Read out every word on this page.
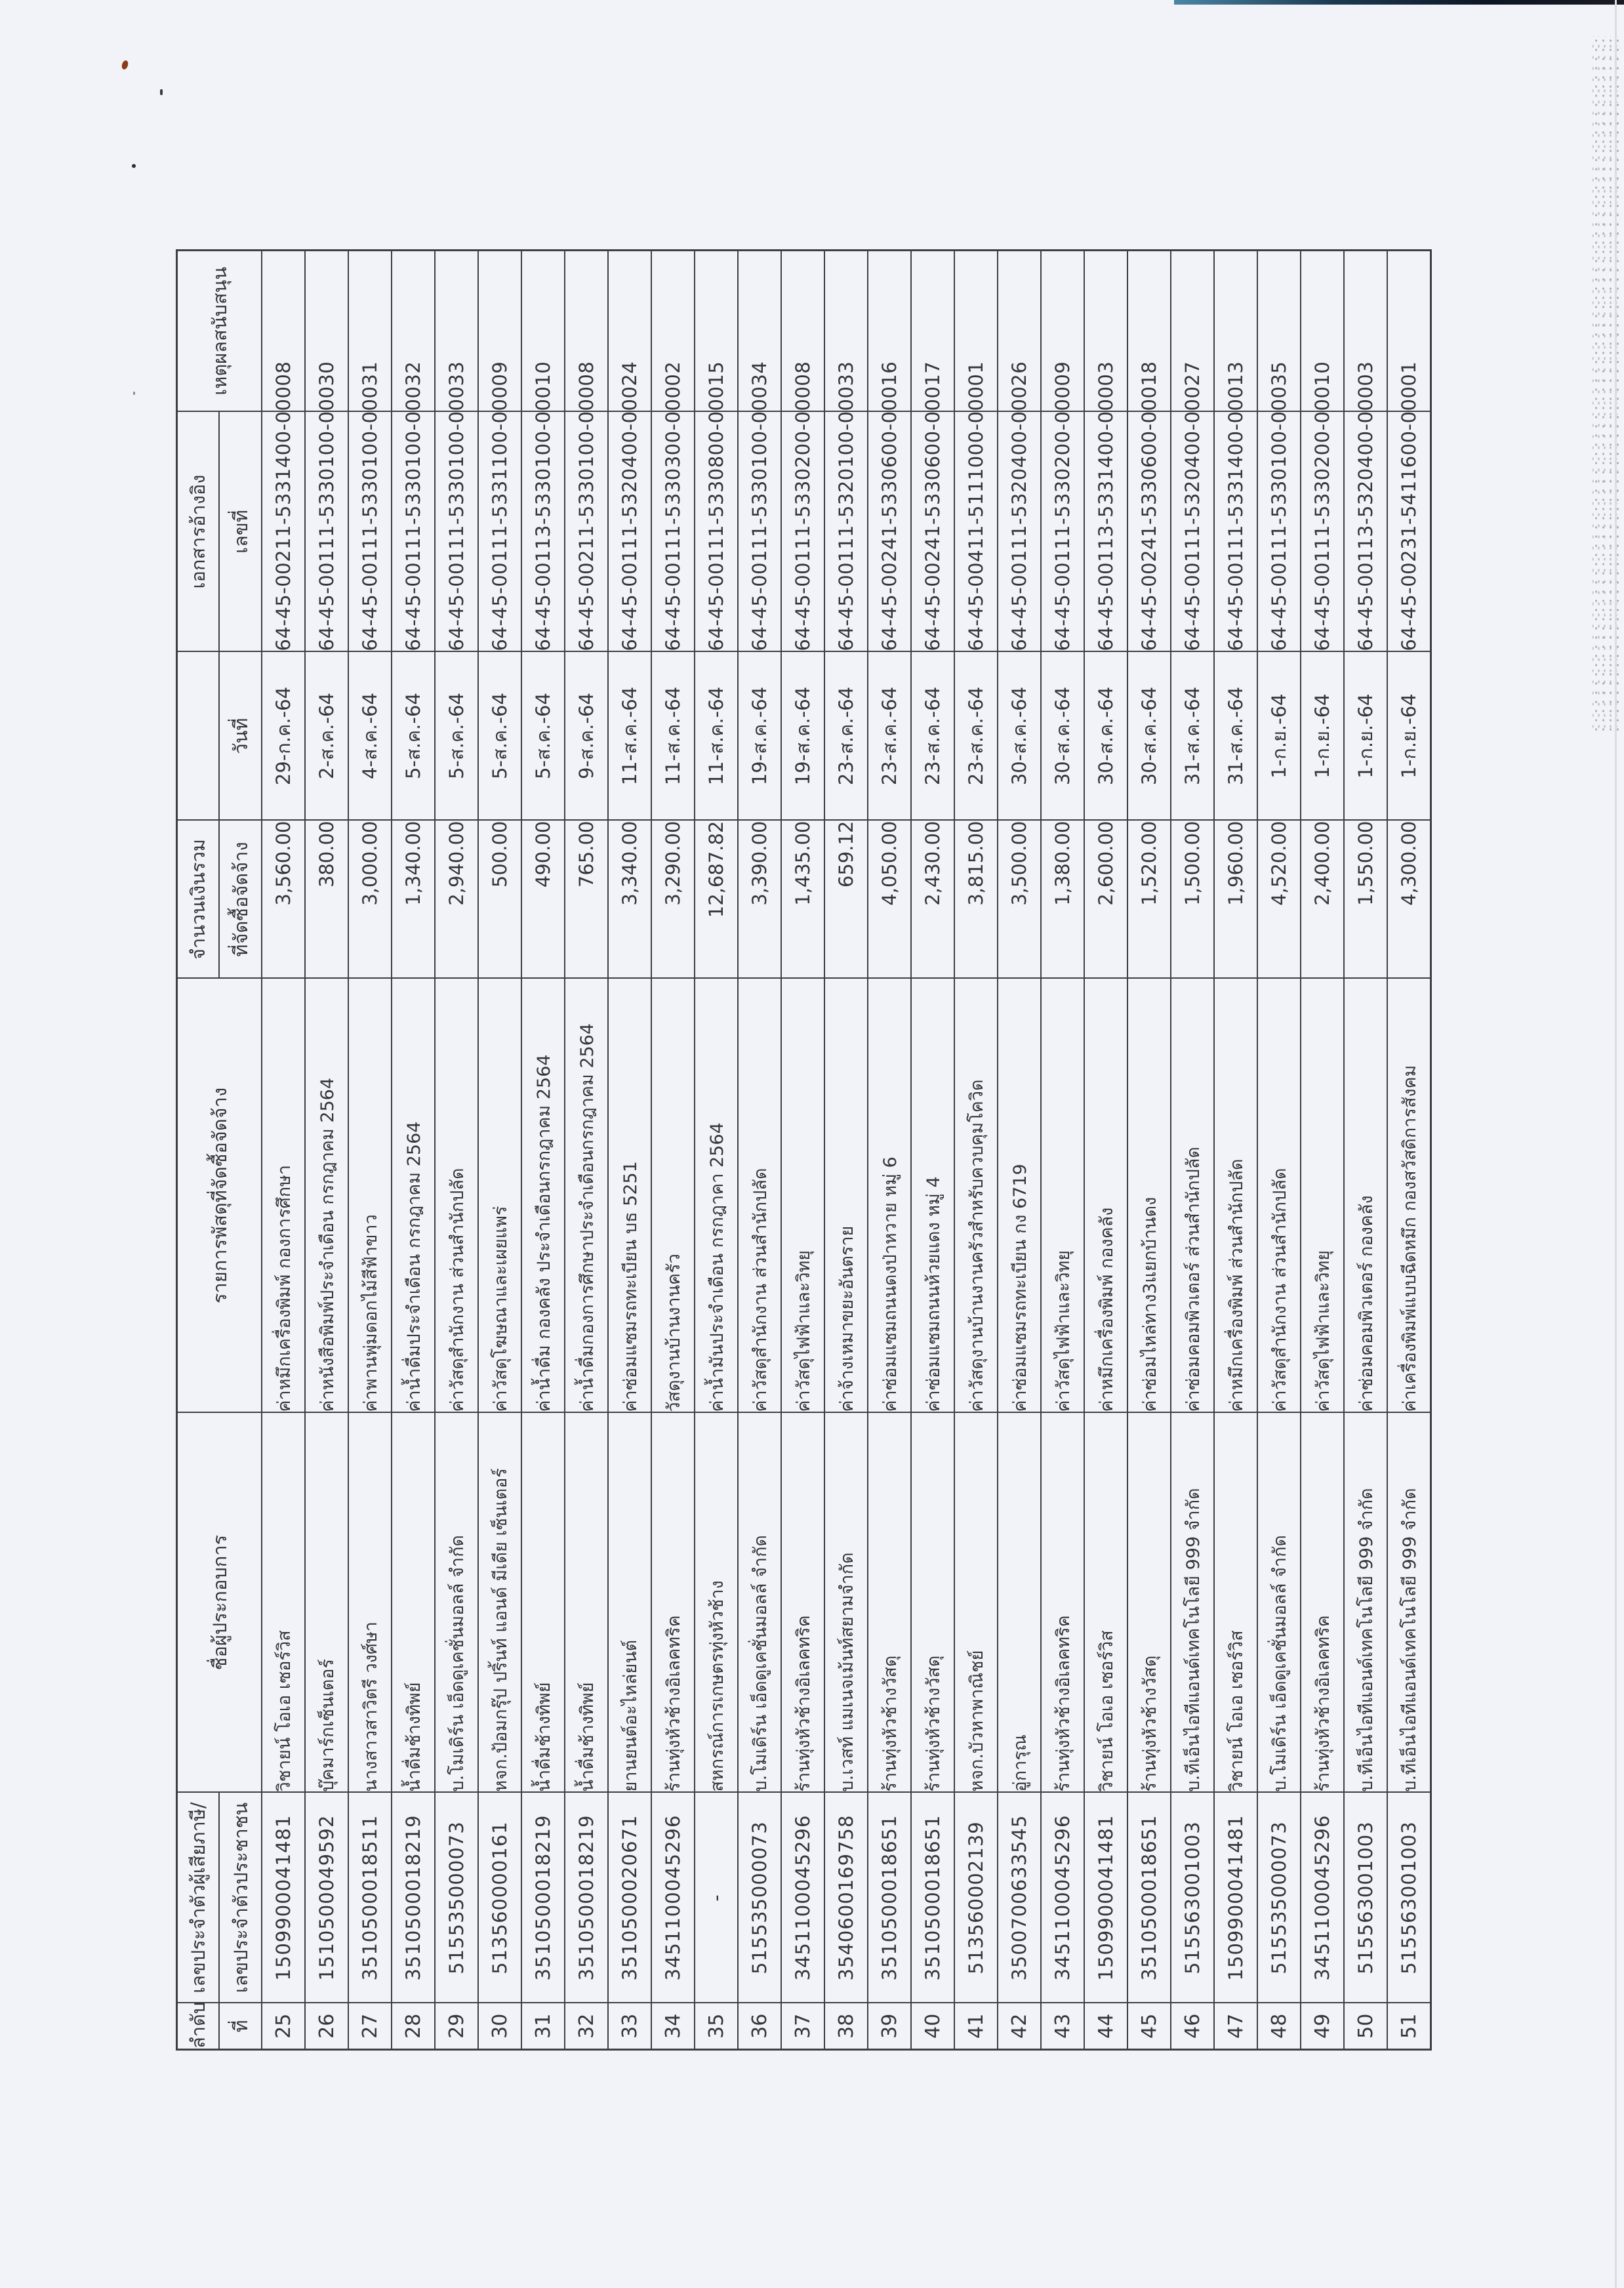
ลำดับ	เลขประจำตัวผู้เสียภาษี/	ชื่อผู้ประกอบการ	รายการพัสดุที่จัดซื้อจัดจ้าง	จำนวนเงินรวม		เอกสารอ้างอิง	เหตุผลสนับสนุน
ที่	เลขประจำตัวประชาชน			ที่จัดซื้อจัดจ้าง	วันที่	เลขที่	
25	1509900041481	วิชายน์ โอเอ เซอร์วิส	ค่าหมึกเครื่องพิมพ์ กองการศึกษา	3,560.00	29-ก.ค.-64	64-45-00211-5331400-00008	
26	1510500049592	บุ๊คมาร์กเซ็นเตอร์	ค่าหนังสือพิมพ์ประจำเดือน กรกฎาคม 2564	380.00	2-ส.ค.-64	64-45-00111-5330100-00030	
27	3510500018511	นางสาวสาวิตรี วงศ์ษา	ค่าพานพุ่มดอกไม้สีฟ้าขาว	3,000.00	4-ส.ค.-64	64-45-00111-5330100-00031	
28	3510500018219	น้ำดื่มช้างทิพย์	ค่าน้ำดื่มประจำเดือน กรกฎาคม 2564	1,340.00	5-ส.ค.-64	64-45-00111-5330100-00032	
29	515535000073	บ.โมเดิร์น เอ็ดดูเคชั่นมอลล์ จำกัด	ค่าวัสดุสำนักงาน ส่วนสำนักปลัด	2,940.00	5-ส.ค.-64	64-45-00111-5330100-00033	
30	513560000161	หจก.ป้อมกรุ๊ป ปริ้นท์ แอนด์ มีเดีย เซ็นเตอร์	ค่าวัสดุโฆษณาและเผยแพร่	500.00	5-ส.ค.-64	64-45-00111-5331100-00009	
31	3510500018219	น้ำดื่มช้างทิพย์	ค่าน้ำดื่ม กองคลัง ประจำเดือนกรกฎาคม 2564	490.00	5-ส.ค.-64	64-45-00113-5330100-00010	
32	3510500018219	น้ำดื่มช้างทิพย์	ค่าน้ำดื่มกองการศึกษาประจำเดือนกรกฎาคม 2564	765.00	9-ส.ค.-64	64-45-00211-5330100-00008	
33	3510500020671	ยานยนต์อะไหล่ยนต์	ค่าซ่อมแซมรถทะเบียน บธ 5251	3,340.00	11-ส.ค.-64	64-45-00111-5320400-00024	
34	3451100045296	ร้านทุ่งหัวช้างอิเลคทริค	วัสดุงานบ้านงานครัว	3,290.00	11-ส.ค.-64	64-45-00111-5330300-00002	
35	-	สหกรณ์การเกษตรทุ่งหัวช้าง	ค่าน้ำมันประจำเดือน กรกฎาคา 2564	12,687.82	11-ส.ค.-64	64-45-00111-5330800-00015	
36	515535000073	บ.โมเดิร์น เอ็ดดูเคชั่นมอลล์ จำกัด	ค่าวัสดุสำนักงาน ส่วนสำนักปลัด	3,390.00	19-ส.ค.-64	64-45-00111-5330100-00034	
37	3451100045296	ร้านทุ่งหัวช้างอิเลคทริค	ค่าวัสดุไฟฟ้าและวิทยุ	1,435.00	19-ส.ค.-64	64-45-00111-5330200-00008	
38	3540600169758	บ.เวสท์ แมเนจเม้นท์สยามจำกัด	ค่าจ้างเหมาขยะอันตราย	659.12	23-ส.ค.-64	64-45-00111-5320100-00033	
39	3510500018651	ร้านทุ่งหัวช้างวัสดุ	ค่าซ่อมแซมถนนดงป่าหวาย หมู่ 6	4,050.00	23-ส.ค.-64	64-45-00241-5330600-00016	
40	3510500018651	ร้านทุ่งหัวช้างวัสดุ	ค่าซ่อมแซมถนนห้วยแดง หมู่ 4	2,430.00	23-ส.ค.-64	64-45-00241-5330600-00017	
41	513560002139	หจก.บัวหาพาณิชย์	ค่าวัสดุงานบ้านงานครัวสำหรับควบคุมโควิด	3,815.00	23-ส.ค.-64	64-45-00411-5111000-00001	
42	3500700633545	อู่การุณ	ค่าซ่อมแซมรถทะเบียน กง 6719	3,500.00	30-ส.ค.-64	64-45-00111-5320400-00026	
43	3451100045296	ร้านทุ่งหัวช้างอิเลคทริค	ค่าวัสดุไฟฟ้าและวิทยุ	1,380.00	30-ส.ค.-64	64-45-00111-5330200-00009	
44	1509900041481	วิชายน์ โอเอ เซอร์วิส	ค่าหมึกเครื่องพิมพ์ กองคลัง	2,600.00	30-ส.ค.-64	64-45-00113-5331400-00003	
45	3510500018651	ร้านทุ่งหัวช้างวัสดุ	ค่าซ่อมไหล่ทาง3แยกบ้านดง	1,520.00	30-ส.ค.-64	64-45-00241-5330600-00018	
46	515563001003	บ.ทีเอ็นไอทีแอนด์เทคโนโลยี 999 จำกัด	ค่าซ่อมคอมพิวเตอร์ ส่วนสำนักปลัด	1,500.00	31-ส.ค.-64	64-45-00111-5320400-00027	
47	1509900041481	วิชายน์ โอเอ เซอร์วิส	ค่าหมึกเครื่องพิมพ์ ส่วนสำนักปลัด	1,960.00	31-ส.ค.-64	64-45-00111-5331400-00013	
48	515535000073	บ.โมเดิร์น เอ็ดดูเคชั่นมอลล์ จำกัด	ค่าวัสดุสำนักงาน ส่วนสำนักปลัด	4,520.00	1-ก.ย.-64	64-45-00111-5330100-00035	
49	3451100045296	ร้านทุ่งหัวช้างอิเลคทริค	ค่าวัสดุไฟฟ้าและวิทยุ	2,400.00	1-ก.ย.-64	64-45-00111-5330200-00010	
50	515563001003	บ.ทีเอ็นไอทีแอนด์เทคโนโลยี 999 จำกัด	ค่าซ่อมคอมพิวเตอร์ กองคลัง	1,550.00	1-ก.ย.-64	64-45-00113-5320400-00003	
51	515563001003	บ.ทีเอ็นไอทีแอนด์เทคโนโลยี 999 จำกัด	ค่าเครื่องพิมพ์แบบฉีดหมึก กองสวัสดิการสังคม	4,300.00	1-ก.ย.-64	64-45-00231-5411600-00001	
